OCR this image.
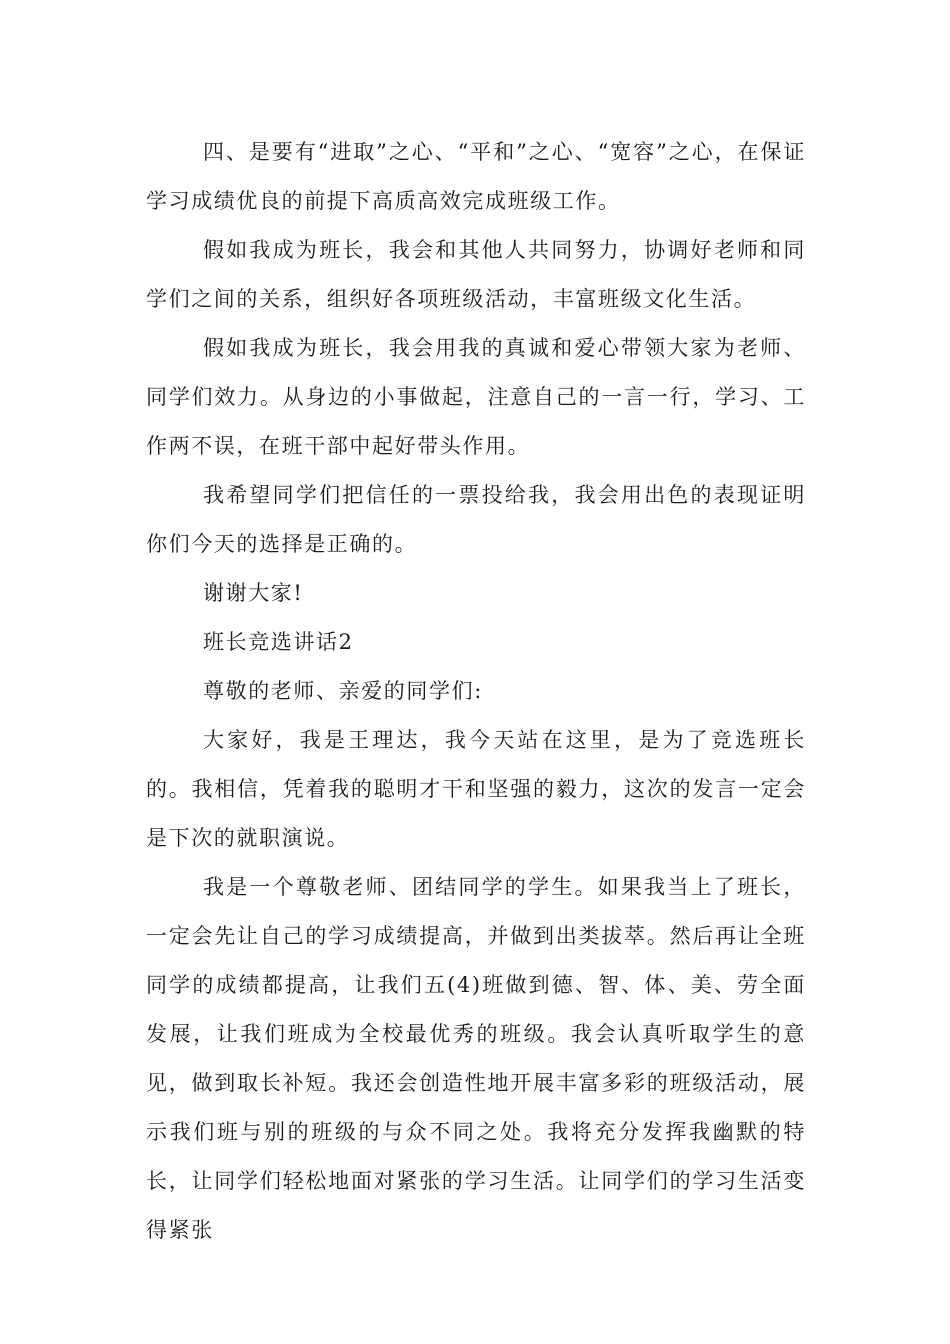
四、是要有“进取”之心、“平和”之心、“宽容”之心，在保证学习成绩优良的前提下高质高效完成班级工作。

假如我成为班长，我会和其他人共同努力，协调好老师和同学们之间的关系，组织好各项班级活动，丰富班级文化生活。

假如我成为班长，我会用我的真诚和爱心带领大家为老师、同学们效力。从身边的小事做起，注意自己的一言一行，学习、工作两不误，在班干部中起好带头作用。

我希望同学们把信任的一票投给我，我会用出色的表现证明你们今天的选择是正确的。

谢谢大家!

班长竞选讲话2

尊敬的老师、亲爱的同学们:

大家好，我是王理达，我今天站在这里，是为了竞选班长的。我相信，凭着我的聪明才干和坚强的毅力，这次的发言一定会是下次的就职演说。

我是一个尊敬老师、团结同学的学生。如果我当上了班长，一定会先让自己的学习成绩提高，并做到出类拔萃。然后再让全班同学的成绩都提高，让我们五(4)班做到德、智、体、美、劳全面发展，让我们班成为全校最优秀的班级。我会认真听取学生的意见，做到取长补短。我还会创造性地开展丰富多彩的班级活动，展示我们班与别的班级的与众不同之处。我将充分发挥我幽默的特长，让同学们轻松地面对紧张的学习生活。让同学们的学习生活变得紧张
